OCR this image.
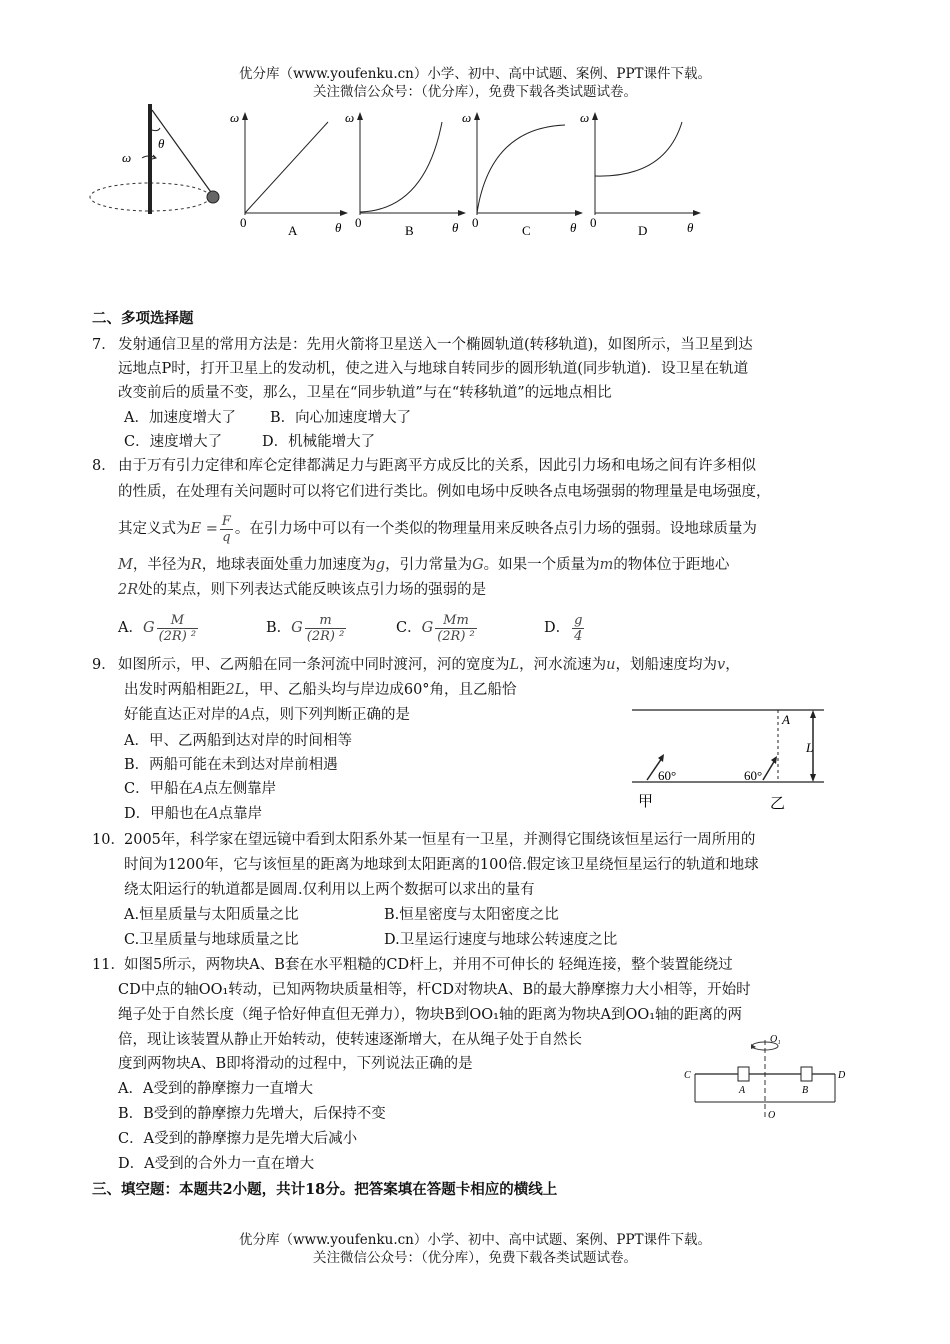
优分库（www.youfenku.cn）小学、初中、高中试题、案例、PPT课件下载。
关注微信公众号：（优分库），免费下载各类试题试卷。
θ
ω
ω
0	θ
A
ω
0	θ
B
ω
0	θ
C
ω
0	θ
D
二、多项选择题
7． 发射通信卫星的常用方法是：先用火箭将卫星送入一个椭圆轨道(转移轨道)，如图所示，当卫星到达
远地点P时，打开卫星上的发动机，使之进入与地球自转同步的圆形轨道(同步轨道)．设卫星在轨道
改变前后的质量不变，那么，卫星在“同步轨道”与在“转移轨道”的远地点相比
A．加速度增大了 B．向心加速度增大了
C．速度增大了	D．机械能增大了
8． 由于万有引力定律和库仑定律都满足力与距离平方成反比的关系，因此引力场和电场之间有许多相似
的性质，在处理有关问题时可以将它们进行类比。例如电场中反映各点电场强弱的物理量是电场强度，
其定义式为$E = \frac{F}{q}$ 。在引力场中可以有一个类似的物理量用来反映各点引力场的强弱。设地球质量为
M，半径为R，地球表面处重力加速度为g，引力常量为G。如果一个质量为m的物体位于距地心
2R处的某点，则下列表达式能反映该点引力场的强弱的是
A．G $\frac{M}{\text{(2R) ²}}$	B．G $\frac{m}{\text{(2R) ²}}$	C．G $\frac{Mm}{\text{(2R) ²}}$	D． $\frac{g}{4}$
9． 如图所示，甲、乙两船在同一条河流中同时渡河，河的宽度为L，河水流速为u，划船速度均为v，
出发时两船相距2L，甲、乙船头均与岸边成60°角，且乙船恰
好能直达正对岸的A点，则下列判断正确的是
A．甲、乙两船到达对岸的时间相等
B．两船可能在未到达对岸前相遇
C．甲船在A点左侧靠岸
D．甲船也在A点靠岸
A
L
60°	60°
甲	乙
10． 2005年，科学家在望远镜中看到太阳系外某一恒星有一卫星，并测得它围绕该恒星运行一周所用的
时间为1200年，它与该恒星的距离为地球到太阳距离的100倍.假定该卫星绕恒星运行的轨道和地球
绕太阳运行的轨道都是圆周.仅利用以上两个数据可以求出的量有
A.恒星质量与太阳质量之比	B.恒星密度与太阳密度之比
C.卫星质量与地球质量之比	D.卫星运行速度与地球公转速度之比
11． 如图5所示，两物块A、B套在水平粗糙的CD杆上，并用不可伸长的 轻绳连接，整个装置能绕过
CD中点的轴OO₁转动，已知两物块质量相等，杆CD对物块A、B的最大静摩擦力大小相等，开始时
绳子处于自然长度（绳子恰好伸直但无弹力），物块B到OO₁轴的距离为物块A到OO₁轴的距离的两
倍，现让该装置从静止开始转动，使转速逐渐增大，在从绳子处于自然长
度到两物块A、B即将滑动的过程中，下列说法正确的是
A．A受到的静摩擦力一直增大
B．B受到的静摩擦力先增大，后保持不变
C．A受到的静摩擦力是先增大后减小
D．A受到的合外力一直在增大
O₁
C	D
A	B
O
三、填空题：本题共2小题，共计18分。把答案填在答题卡相应的横线上
优分库（www.youfenku.cn）小学、初中、高中试题、案例、PPT课件下载。
关注微信公众号：（优分库），免费下载各类试题试卷。
